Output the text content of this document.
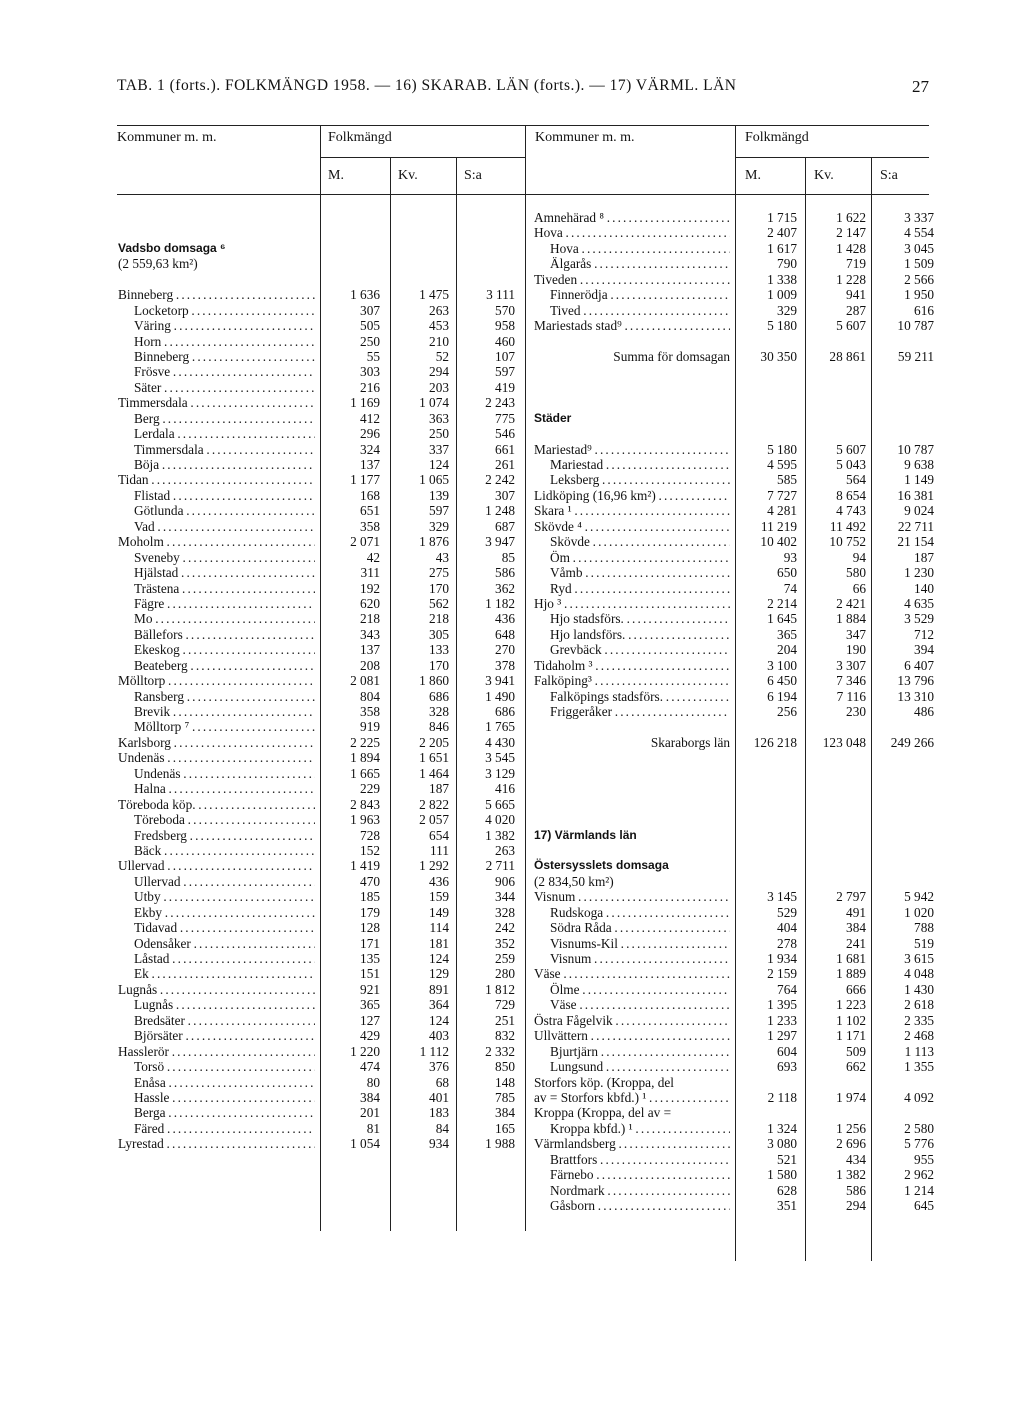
TAB. 1 (forts.). FOLKMÄNGD 1958. — 16) SKARAB. LÄN (forts.). — 17) VÄRML. LÄN	27
Kommuner m. m.	Folkmängd	Kommuner m. m.	Folkmängd
M.	Kv.	S:a	M.	Kv.	S:a
Vadsbo domsaga ⁶
(2 559,63 km²)
Binneberg . . .	1 636	1 475	3 111
Locketorp . . .	307	263	570
Väring . . .	505	453	958
Horn . . .	250	210	460
Binneberg . . .	55	52	107
Frösve . . .	303	294	597
Säter . . .	216	203	419
Timmersdala . . .	1 169	1 074	2 243
Berg . . .	412	363	775
Lerdala . . .	296	250	546
Timmersdala . . .	324	337	661
Böja . . .	137	124	261
Tidan . . .	1 177	1 065	2 242
Flistad . . .	168	139	307
Götlunda . . .	651	597	1 248
Vad . . .	358	329	687
Moholm . . .	2 071	1 876	3 947
Sveneby . . .	42	43	85
Hjälstad . . .	311	275	586
Trästena . . .	192	170	362
Fägre . . .	620	562	1 182
Mo . . .	218	218	436
Bällefors . . .	343	305	648
Ekeskog . . .	137	133	270
Beateberg . . .	208	170	378
Mölltorp . . .	2 081	1 860	3 941
Ransberg . . .	804	686	1 490
Brevik . . .	358	328	686
Mölltorp ⁷ . . .	919	846	1 765
Karlsborg . . .	2 225	2 205	4 430
Undenäs . . .	1 894	1 651	3 545
Undenäs . . .	1 665	1 464	3 129
Halna . . .	229	187	416
Töreboda köp. . . .	2 843	2 822	5 665
Töreboda . . .	1 963	2 057	4 020
Fredsberg . . .	728	654	1 382
Bäck . . .	152	111	263
Ullervad . . .	1 419	1 292	2 711
Ullervad . . .	470	436	906
Utby . . .	185	159	344
Ekby . . .	179	149	328
Tidavad . . .	128	114	242
Odensåker . . .	171	181	352
Låstad . . .	135	124	259
Ek . . .	151	129	280
Lugnås . . .	921	891	1 812
Lugnås . . .	365	364	729
Bredsäter . . .	127	124	251
Björsäter . . .	429	403	832
Hasslerör . . .	1 220	1 112	2 332
Torsö . . .	474	376	850
Enåsa . . .	80	68	148
Hassle . . .	384	401	785
Berga . . .	201	183	384
Färed . . .	81	84	165
Lyrestad . . .	1 054	934	1 988
Amnehärad ⁸ . . .	1 715	1 622	3 337
Hova . . .	2 407	2 147	4 554
Hova . . .	1 617	1 428	3 045
Älgarås . . .	790	719	1 509
Tiveden . . .	1 338	1 228	2 566
Finnerödja . . .	1 009	941	1 950
Tived . . .	329	287	616
Mariestads stad⁹ . . .	5 180	5 607	10 787
Summa för domsagan	30 350	28 861	59 211
Städer
Mariestad⁹ . . .	5 180	5 607	10 787
Mariestad . . .	4 595	5 043	9 638
Leksberg . . .	585	564	1 149
Lidköping (16,96 km²) . . .	7 727	8 654	16 381
Skara ¹ . . .	4 281	4 743	9 024
Skövde ⁴ . . .	11 219	11 492	22 711
Skövde . . .	10 402	10 752	21 154
Öm . . .	93	94	187
Våmb . . .	650	580	1 230
Ryd . . .	74	66	140
Hjo ³ . . .	2 214	2 421	4 635
Hjo stadsförs. . . .	1 645	1 884	3 529
Hjo landsförs. . . .	365	347	712
Grevbäck . . .	204	190	394
Tidaholm ³ . . .	3 100	3 307	6 407
Falköping³ . . .	6 450	7 346	13 796
Falköpings stadsförs. . . .	6 194	7 116	13 310
Friggeråker . . .	256	230	486
Skaraborgs län	126 218	123 048	249 266
17) Värmlands län
Östersysslets domsaga
(2 834,50 km²)
Visnum . . .	3 145	2 797	5 942
Rudskoga . . .	529	491	1 020
Södra Råda . . .	404	384	788
Visnums-Kil . . .	278	241	519
Visnum . . .	1 934	1 681	3 615
Väse . . .	2 159	1 889	4 048
Ölme . . .	764	666	1 430
Väse . . .	1 395	1 223	2 618
Östra Fågelvik . . .	1 233	1 102	2 335
Ullvättern . . .	1 297	1 171	2 468
Bjurtjärn . . .	604	509	1 113
Lungsund . . .	693	662	1 355
Storfors köp. (Kroppa, del
av = Storfors kbfd.) ¹ . . .	2 118	1 974	4 092
Kroppa (Kroppa, del av =
Kroppa kbfd.) ¹ . . .	1 324	1 256	2 580
Värmlandsberg . . .	3 080	2 696	5 776
Brattfors . . .	521	434	955
Färnebo . . .	1 580	1 382	2 962
Nordmark . . .	628	586	1 214
Gåsborn . . .	351	294	645
